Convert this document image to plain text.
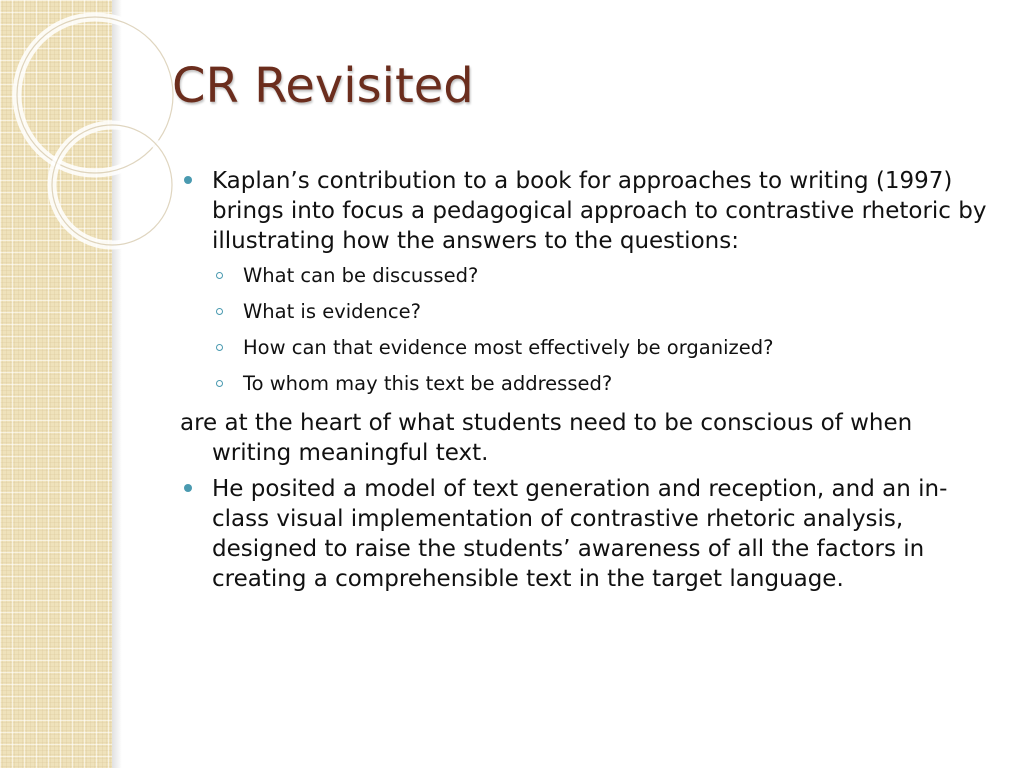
CR Revisited
Kaplan’s contribution to a book for approaches to writing (1997) brings into focus a pedagogical approach to contrastive rhetoric by illustrating how the answers to the questions:
What can be discussed?
What is evidence?
How can that evidence most effectively be organized?
To whom may this text be addressed?
are at the heart of what students need to be conscious of when writing meaningful text.
He posited a model of text generation and reception, and an in-class visual implementation of contrastive rhetoric analysis, designed to raise the students’ awareness of all the factors in creating a comprehensible text in the target language.
